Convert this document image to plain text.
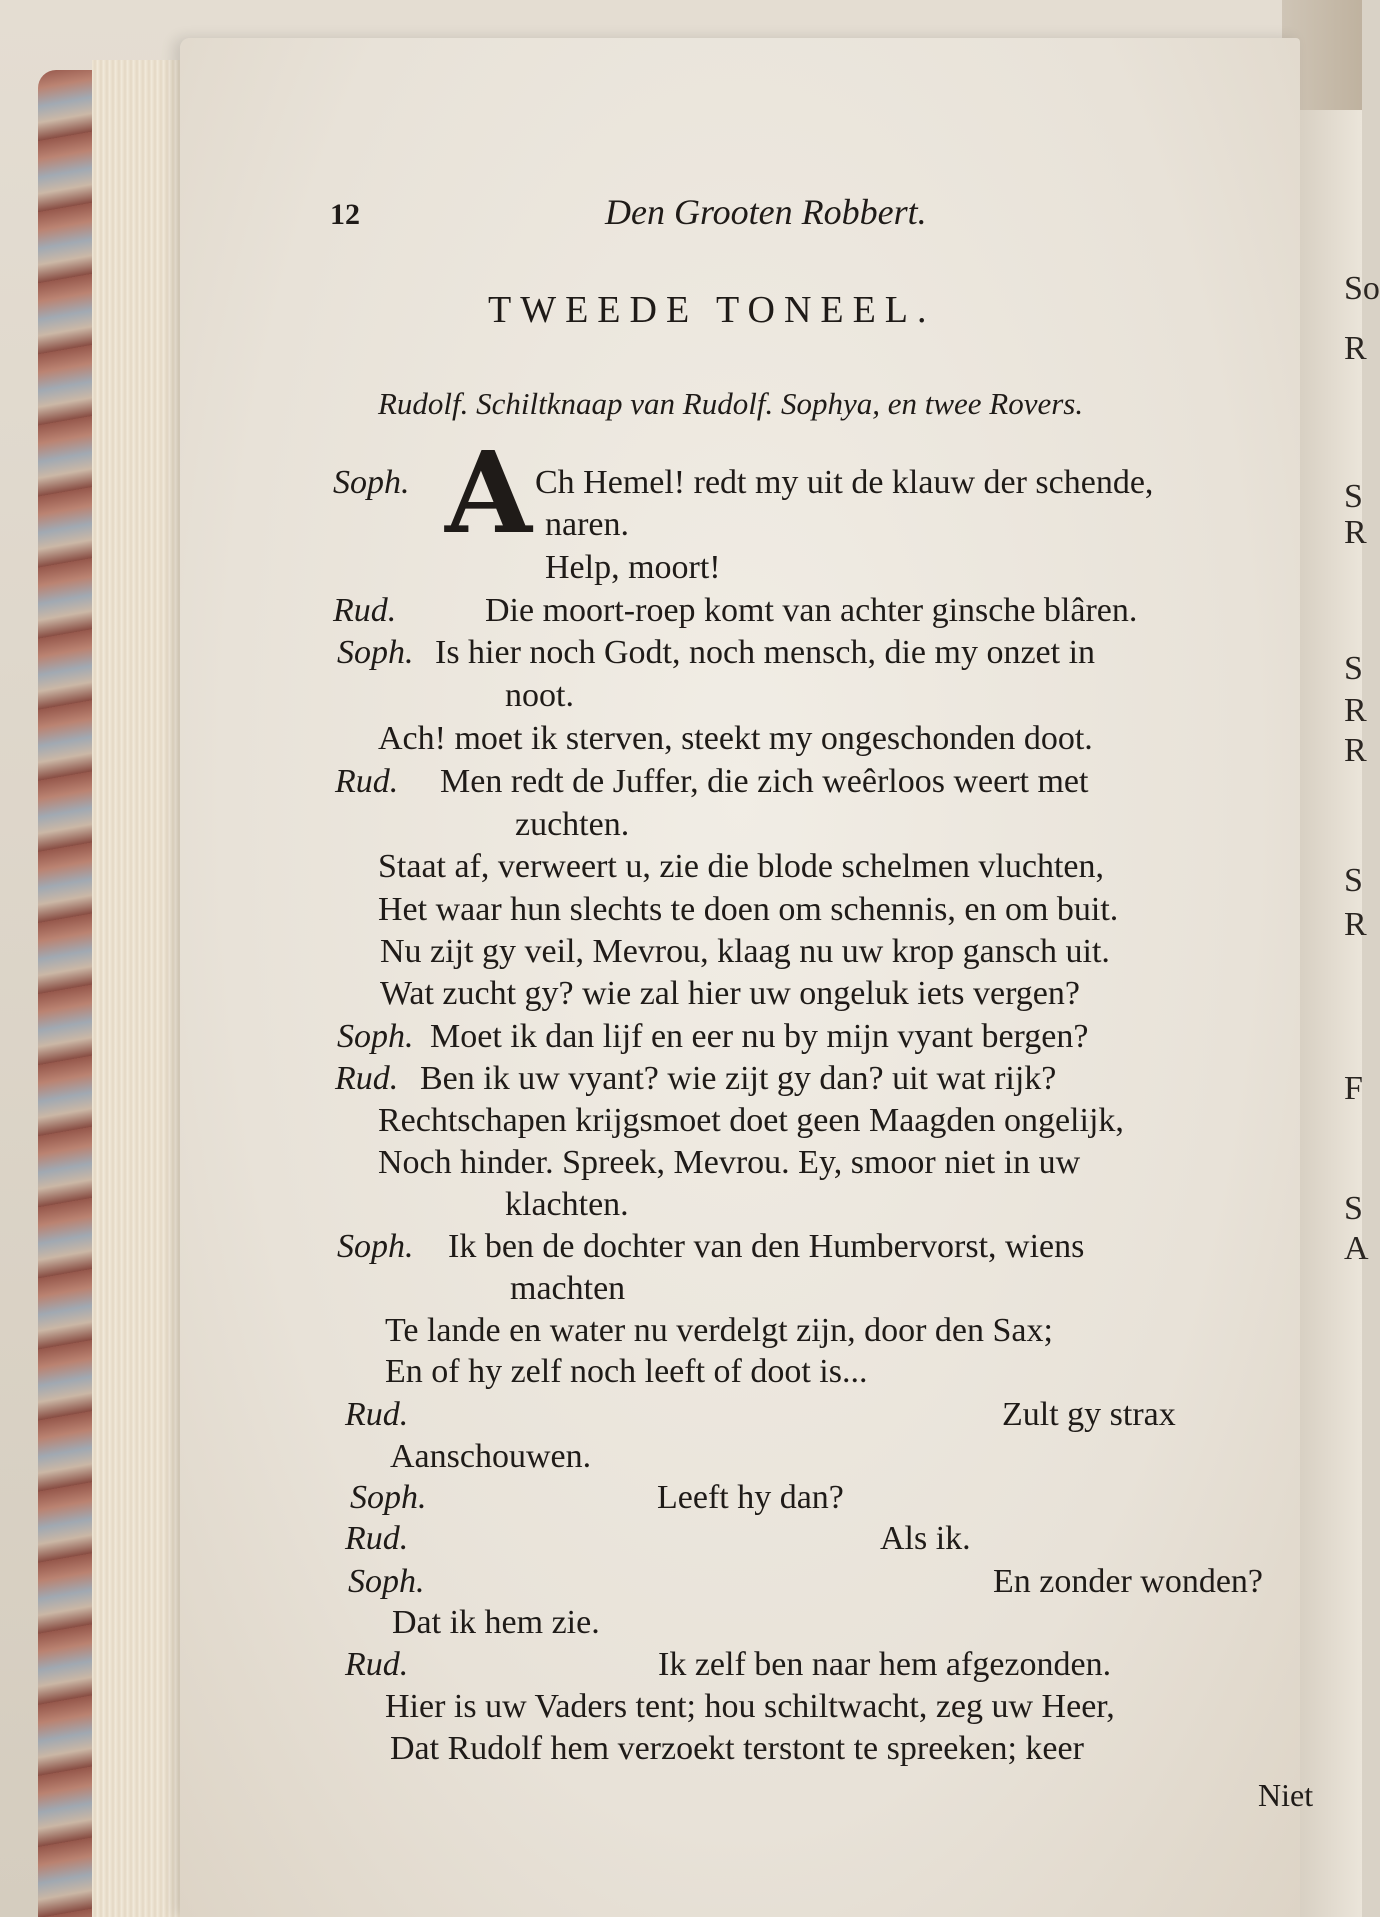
So
R
S
R
S
R
R
S
R
F
S
A
12	Den Grooten Robbert.
TWEEDE TONEEL.
Rudolf. Schiltknaap van Rudolf. Sophya, en twee Rovers.
A
Soph.	Ch Hemel! redt my uit de klauw der schende,
naren.
Help, moort!
Rud.	Die moort-roep komt van achter ginsche blâren.
Soph. Is hier noch Godt, noch mensch, die my onzet in
noot.
Ach! moet ik sterven, steekt my ongeschonden doot.
Rud. Men redt de Juffer, die zich weêrloos weert met
zuchten.
Staat af, verweert u, zie die blode schelmen vluchten,
Het waar hun slechts te doen om schennis, en om buit.
Nu zijt gy veil, Mevrou, klaag nu uw krop gansch uit.
Wat zucht gy? wie zal hier uw ongeluk iets vergen?
Soph. Moet ik dan lijf en eer nu by mijn vyant bergen?
Rud. Ben ik uw vyant? wie zijt gy dan? uit wat rijk?
Rechtschapen krijgsmoet doet geen Maagden ongelijk,
Noch hinder. Spreek, Mevrou. Ey, smoor niet in uw
klachten.
Soph. Ik ben de dochter van den Humbervorst, wiens
machten
Te lande en water nu verdelgt zijn, door den Sax;
En of hy zelf noch leeft of doot is...
Rud.	Zult gy strax
Aanschouwen.
Soph.	Leeft hy dan?
Rud.	Als ik.
Soph.	En zonder wonden?
Dat ik hem zie.
Rud.	Ik zelf ben naar hem afgezonden.
Hier is uw Vaders tent; hou schiltwacht, zeg uw Heer,
Dat Rudolf hem verzoekt terstont te spreeken; keer
Niet
